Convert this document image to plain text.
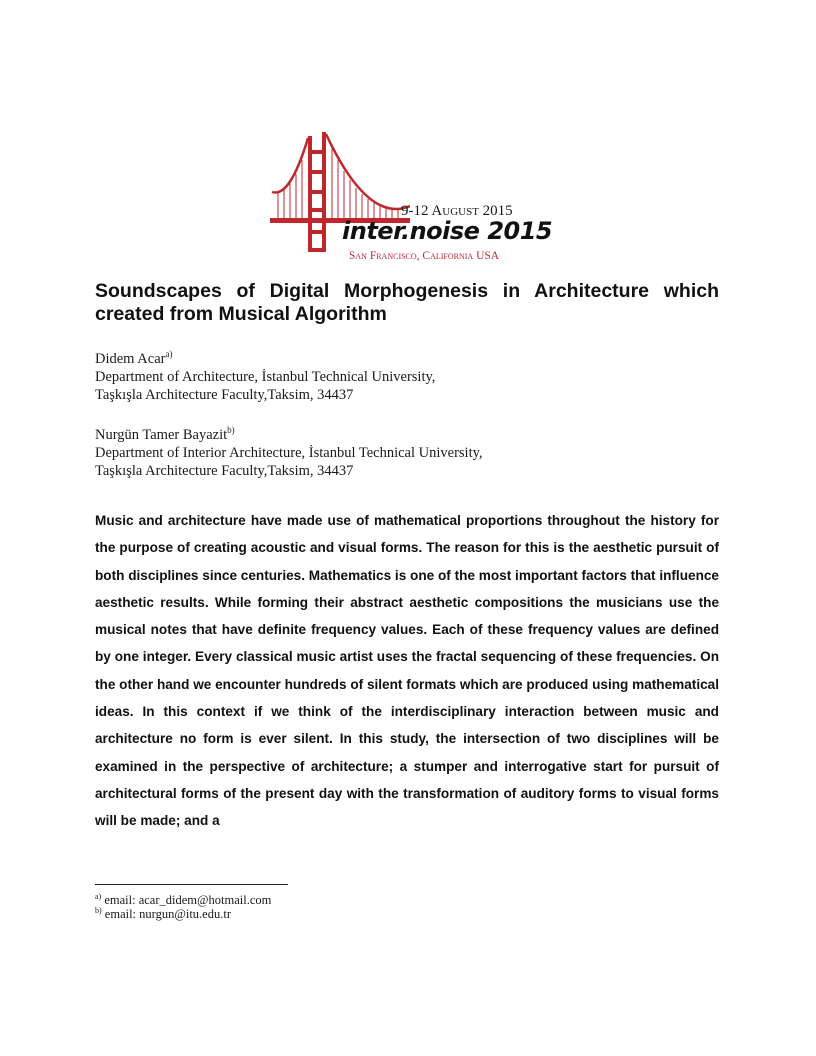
9-12 August 2015
inter.noise 2015
San Francisco, California USA
Soundscapes of Digital Morphogenesis in Architecture which created from Musical Algorithm
Didem Acar$^{a)}$
Department of Architecture, İstanbul Technical University,
Taşkışla Architecture Faculty,Taksim, 34437
Nurgün Tamer Bayazit$^{b)}$
Department of Interior Architecture, İstanbul Technical University,
Taşkışla Architecture Faculty,Taksim, 34437

Music and architecture have made use of mathematical proportions throughout the history for the purpose of creating acoustic and visual forms. The reason for this is the aesthetic pursuit of both disciplines since centuries. Mathematics is one of the most important factors that influence aesthetic results. While forming their abstract aesthetic compositions the musicians use the musical notes that have definite frequency values. Each of these frequency values are defined by one integer. Every classical music artist uses the fractal sequencing of these frequencies. On the other hand we encounter hundreds of silent formats which are produced using mathematical ideas. In this context if we think of the interdisciplinary interaction between music and architecture no form is ever silent. In this study, the intersection of two disciplines will be examined in the perspective of architecture; a stumper and interrogative start for pursuit of architectural forms of the present day with the transformation of auditory forms to visual forms will be made; and a

$^{a)}$ email: acar_didem@hotmail.com
$^{b)}$ email: nurgun@itu.edu.tr
